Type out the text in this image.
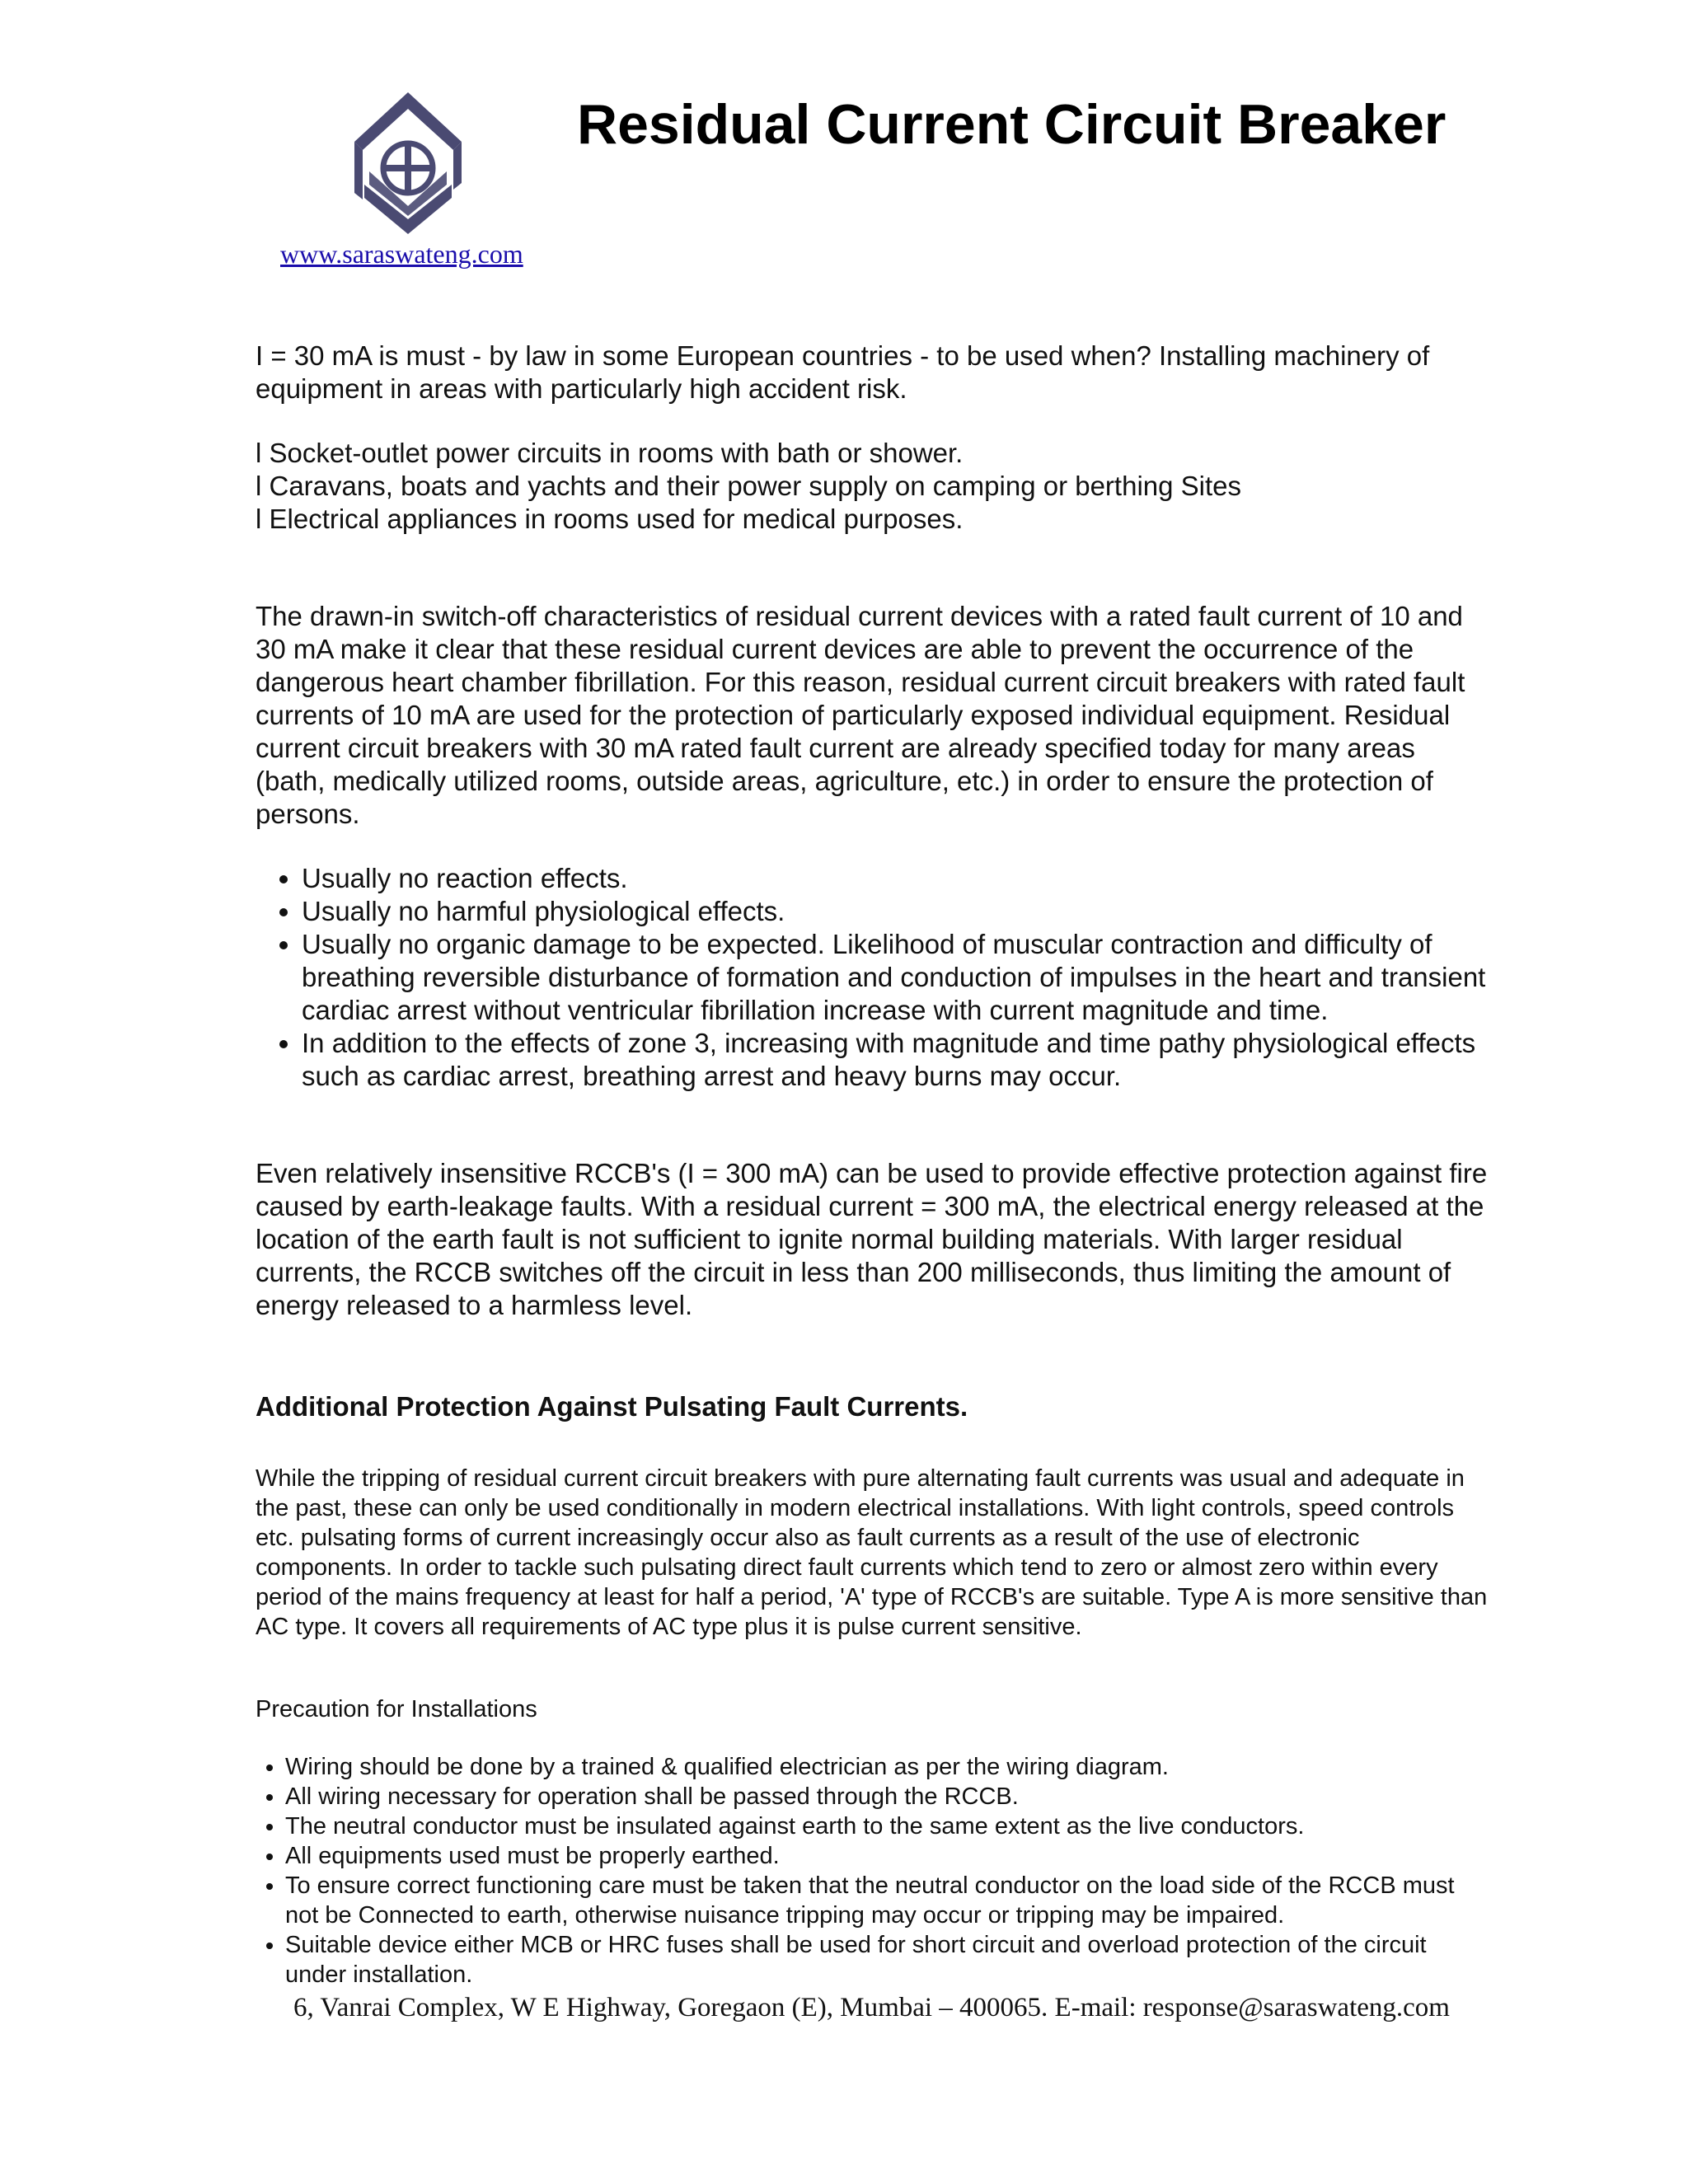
www.saraswateng.com
Residual Current Circuit Breaker

I = 30 mA is must - by law in some European countries - to be used when? Installing machinery of equipment in areas with particularly high accident risk.

l Socket-outlet power circuits in rooms with bath or shower.
l Caravans, boats and yachts and their power supply on camping or berthing Sites
l Electrical appliances in rooms used for medical purposes.

The drawn-in switch-off characteristics of residual current devices with a rated fault current of 10 and 30 mA make it clear that these residual current devices are able to prevent the occurrence of the dangerous heart chamber fibrillation. For this reason, residual current circuit breakers with rated fault currents of 10 mA are used for the protection of particularly exposed individual equipment. Residual current circuit breakers with 30 mA rated fault current are already specified today for many areas (bath, medically utilized rooms, outside areas, agriculture, etc.) in order to ensure the protection of persons.

• Usually no reaction effects.
• Usually no harmful physiological effects.
• Usually no organic damage to be expected. Likelihood of muscular contraction and difficulty of breathing reversible disturbance of formation and conduction of impulses in the heart and transient cardiac arrest without ventricular fibrillation increase with current magnitude and time.
• In addition to the effects of zone 3, increasing with magnitude and time pathy physiological effects such as cardiac arrest, breathing arrest and heavy burns may occur.

Even relatively insensitive RCCB's (I = 300 mA) can be used to provide effective protection against fire caused by earth-leakage faults. With a residual current = 300 mA, the electrical energy released at the location of the earth fault is not sufficient to ignite normal building materials. With larger residual currents, the RCCB switches off the circuit in less than 200 milliseconds, thus limiting the amount of energy released to a harmless level.

Additional Protection Against Pulsating Fault Currents.

While the tripping of residual current circuit breakers with pure alternating fault currents was usual and adequate in the past, these can only be used conditionally in modern electrical installations. With light controls, speed controls etc. pulsating forms of current increasingly occur also as fault currents as a result of the use of electronic components. In order to tackle such pulsating direct fault currents which tend to zero or almost zero within every period of the mains frequency at least for half a period, 'A' type of RCCB's are suitable. Type A is more sensitive than AC type. It covers all requirements of AC type plus it is pulse current sensitive.

Precaution for Installations

• Wiring should be done by a trained & qualified electrician as per the wiring diagram.
• All wiring necessary for operation shall be passed through the RCCB.
• The neutral conductor must be insulated against earth to the same extent as the live conductors.
• All equipments used must be properly earthed.
• To ensure correct functioning care must be taken that the neutral conductor on the load side of the RCCB must not be Connected to earth, otherwise nuisance tripping may occur or tripping may be impaired.
• Suitable device either MCB or HRC fuses shall be used for short circuit and overload protection of the circuit under installation.
6, Vanrai Complex, W E Highway, Goregaon (E), Mumbai – 400065. E-mail: response@saraswateng.com
